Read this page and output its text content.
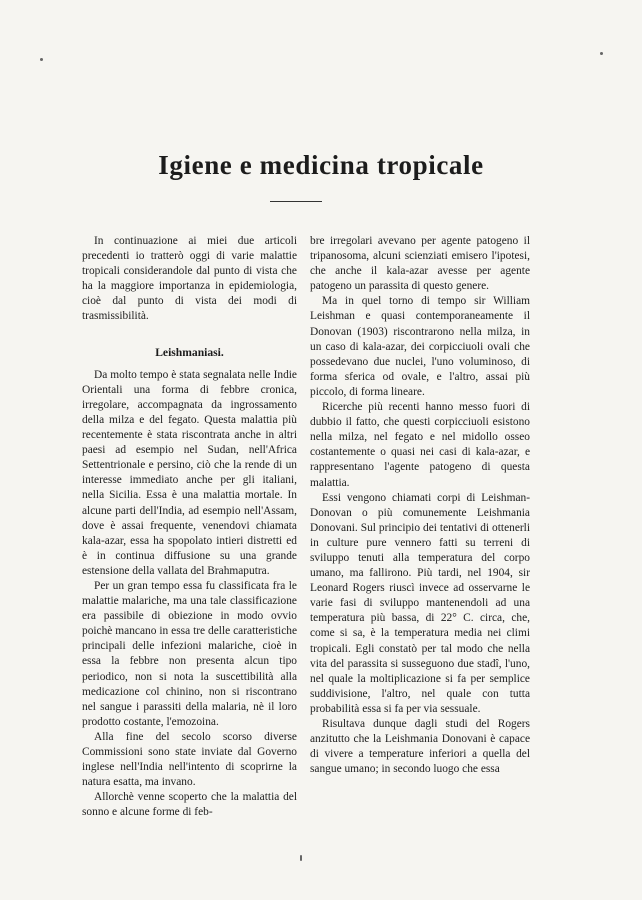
Igiene e medicina tropicale

In continuazione ai miei due articoli precedenti io tratterò oggi di varie malattie tropicali considerandole dal punto di vista che ha la maggiore importanza in epidemiologia, cioè dal punto di vista dei modi di trasmissibilità.

Leishmaniasi.

Da molto tempo è stata segnalata nelle Indie Orientali una forma di febbre cronica, irregolare, accompagnata da ingrossamento della milza e del fegato. Questa malattia più recentemente è stata riscontrata anche in altri paesi ad esempio nel Sudan, nell'Africa Settentrionale e persino, ciò che la rende di un interesse immediato anche per gli italiani, nella Sicilia. Essa è una malattia mortale. In alcune parti dell'India, ad esempio nell'Assam, dove è assai frequente, venendovi chiamata kala-azar, essa ha spopolato intieri distretti ed è in continua diffusione su una grande estensione della vallata del Brahmaputra.

Per un gran tempo essa fu classificata fra le malattie malariche, ma una tale classificazione era passibile di obiezione in modo ovvio poichè mancano in essa tre delle caratteristiche principali delle infezioni malariche, cioè in essa la febbre non presenta alcun tipo periodico, non si nota la suscettibilità alla medicazione col chinino, non si riscontrano nel sangue i parassiti della malaria, nè il loro prodotto costante, l'emozoina.

Alla fine del secolo scorso diverse Commissioni sono state inviate dal Governo inglese nell'India nell'intento di scoprirne la natura esatta, ma invano.

Allorchè venne scoperto che la malattia del sonno e alcune forme di feb-

bre irregolari avevano per agente patogeno il tripanosoma, alcuni scienziati emisero l'ipotesi, che anche il kala-azar avesse per agente patogeno un parassita di questo genere.

Ma in quel torno di tempo sir William Leishman e quasi contemporaneamente il Donovan (1903) riscontrarono nella milza, in un caso di kala-azar, dei corpicciuoli ovali che possedevano due nuclei, l'uno voluminoso, di forma sferica od ovale, e l'altro, assai più piccolo, di forma lineare.

Ricerche più recenti hanno messo fuori di dubbio il fatto, che questi corpicciuoli esistono nella milza, nel fegato e nel midollo osseo costantemente o quasi nei casi di kala-azar, e rappresentano l'agente patogeno di questa malattia.

Essi vengono chiamati corpi di Leishman-Donovan o più comunemente Leishmania Donovani. Sul principio dei tentativi di ottenerli in culture pure vennero fatti su terreni di sviluppo tenuti alla temperatura del corpo umano, ma fallirono. Più tardi, nel 1904, sir Leonard Rogers riuscì invece ad osservarne le varie fasi di sviluppo mantenendoli ad una temperatura più bassa, di 22° C. circa, che, come si sa, è la temperatura media nei climi tropicali. Egli constatò per tal modo che nella vita del parassita si susseguono due stadî, l'uno, nel quale la moltiplicazione si fa per semplice suddivisione, l'altro, nel quale con tutta probabilità essa si fa per via sessuale.

Risultava dunque dagli studi del Rogers anzitutto che la Leishmania Donovani è capace di vivere a temperature inferiori a quella del sangue umano; in secondo luogo che essa
